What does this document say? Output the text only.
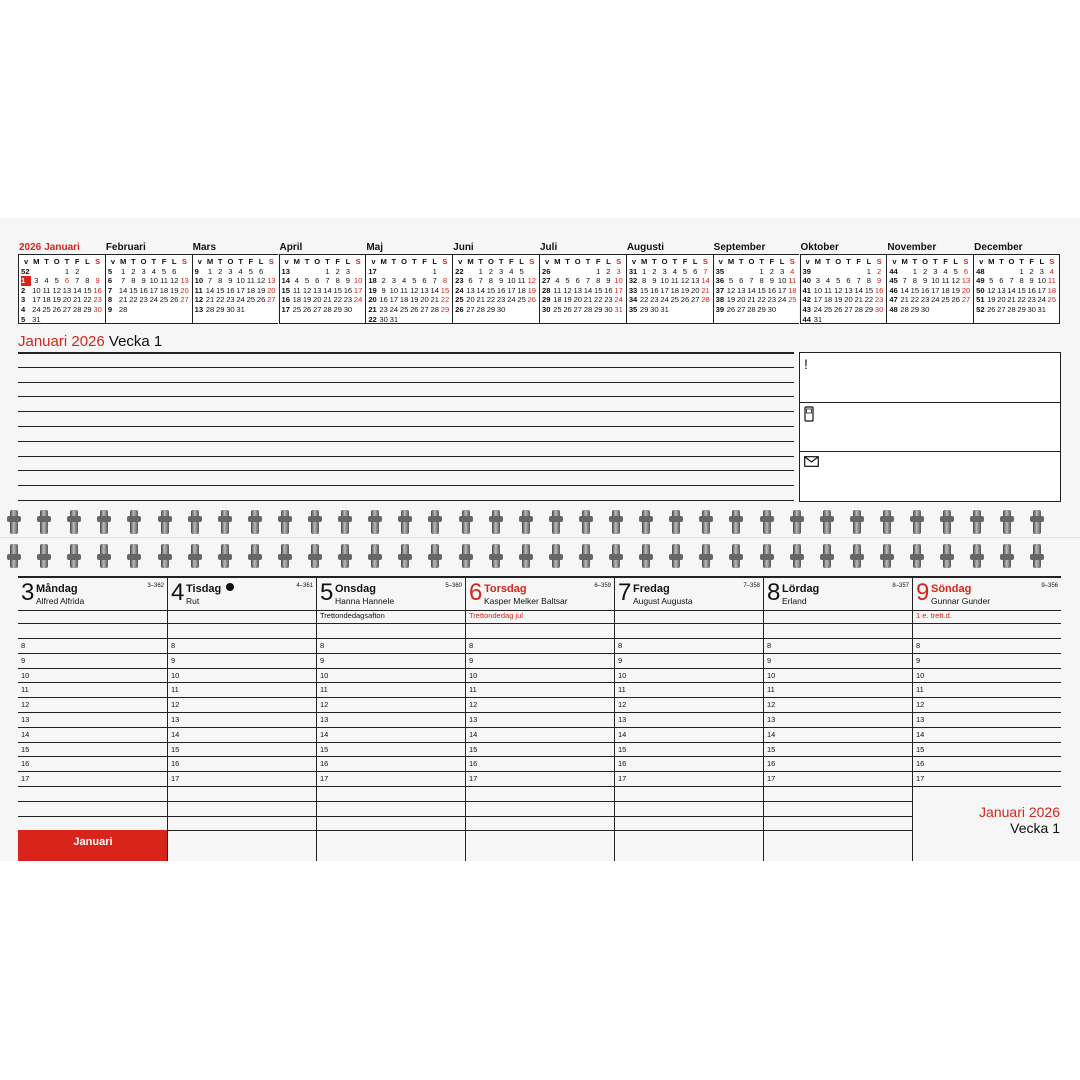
2026 Januari
v M T O T F L S
52	1 2
1	3 4 5 6 7 8 9
2 10 11 12 13 14 15 16
3 17 18 19 20 21 22 23
4 24 25 26 27 28 29 30
5 31
Februari
v M T O T F L S
5	1 2 3 4 5 6
6	7 8 9 10 11 12 13
7 14 15 16 17 18 19 20
8 21 22 23 24 25 26 27
9 28
Mars
v M T O T F L S
9	1 2 3 4 5 6
10 7 8 9 10 11 12 13
11 14 15 16 17 18 19 20
12 21 22 23 24 25 26 27
13 28 29 30 31
April
v M T O T F L S
13	1 2 3
14 4 5 6 7 8 9 10
15 11 12 13 14 15 16 17
16 18 19 20 21 22 23 24
17 25 26 27 28 29 30
Maj
v M T O T F L S
17	1
18 2 3 4 5 6 7 8
19 9 10 11 12 13 14 15
20 16 17 18 19 20 21 22
21 23 24 25 26 27 28 29
22 30 31
Juni
v M T O T F L S
22	1 2 3 4 5
23 6 7 8 9 10 11 12
24 13 14 15 16 17 18 19
25 20 21 22 23 24 25 26
26 27 28 29 30
Juli
v M T O T F L S
26	1 2 3
27 4 5 6 7 8 9 10
28 11 12 13 14 15 16 17
29 18 19 20 21 22 23 24
30 25 26 27 28 29 30 31
Augusti
v M T O T F L S
31 1 2 3 4 5 6 7
32 8 9 10 11 12 13 14
33 15 16 17 18 19 20 21
34 22 23 24 25 26 27 28
35 29 30 31
September
v M T O T F L S
35	1 2 3 4
36 5 6 7 8 9 10 11
37 12 13 14 15 16 17 18
38 19 20 21 22 23 24 25
39 26 27 28 29 30
Oktober
v M T O T F L S
39	1 2
40 3 4 5 6 7 8 9
41 10 11 12 13 14 15 16
42 17 18 19 20 21 22 23
43 24 25 26 27 28 29 30
44 31
November
v M T O T F L S
44	1 2 3 4 5 6
45 7 8 9 10 11 12 13
46 14 15 16 17 18 19 20
47 21 22 23 24 25 26 27
48 28 29 30
December
v M T O T F L S
48	1 2 3 4
49 5 6 7 8 9 10 11
50 12 13 14 15 16 17 18
51 19 20 21 22 23 24 25
52 26 27 28 29 30 31
Januari 2026 Vecka 1
!
3 Måndag
Alfred Alfrida
3–362
8
9
10
11
12
13
14
15
16
17
Januari
4 Tisdag
Rut
4–361
8
9
10
11
12
13
14
15
16
17
5 Onsdag
Hanna Hannele
5–360
Trettondedagsafton
8
9
10
11
12
13
14
15
16
17
6 Torsdag
Kasper Melker Baltsar
6–359
Trettondedag jul
8
9
10
11
12
13
14
15
16
17
7 Fredag
August Augusta
7–358
8
9
10
11
12
13
14
15
16
17
8 Lördag
Erland
8–357
8
9
10
11
12
13
14
15
16
17
9 Söndag
Gunnar Gunder
9–356
1 e. trett.d.
8
9
10
11
12
13
14
15
16
17
Januari 2026
Vecka 1
